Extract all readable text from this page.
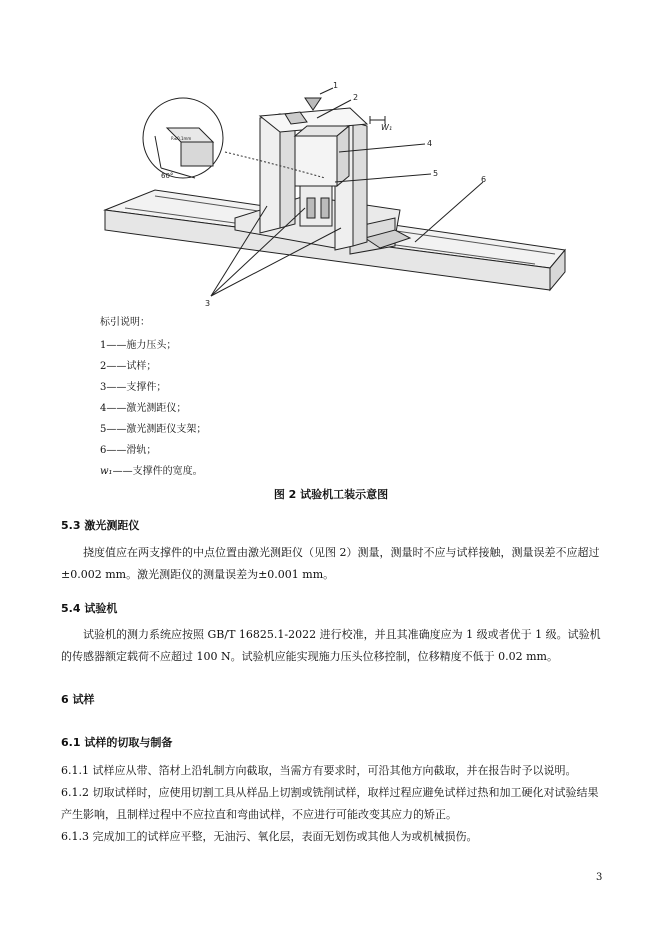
1
2
4
5
6
3
W₁
60°
R≤0.1mm
标引说明：
1——施力压头；
2——试样；
3——支撑件；
4——激光测距仪；
5——激光测距仪支架；
6——滑轨；
w₁——支撑件的宽度。
图 2 试验机工装示意图
5.3 激光测距仪

挠度值应在两支撑件的中点位置由激光测距仪（见图 2）测量，测量时不应与试样接触，测量误差不应超过±0.002 mm。激光测距仪的测量误差为±0.001 mm。

5.4 试验机

试验机的测力系统应按照 GB/T 16825.1-2022 进行校准，并且其准确度应为 1 级或者优于 1 级。试验机的传感器额定载荷不应超过 100 N。试验机应能实现施力压头位移控制，位移精度不低于 0.02 mm。

6 试样
6.1 试样的切取与制备

6.1.1 试样应从带、箔材上沿轧制方向截取，当需方有要求时，可沿其他方向截取，并在报告时予以说明。

6.1.2 切取试样时，应使用切割工具从样品上切割或铣削试样，取样过程应避免试样过热和加工硬化对试验结果产生影响，且制样过程中不应拉直和弯曲试样，不应进行可能改变其应力的矫正。

6.1.3 完成加工的试样应平整，无油污、氧化层，表面无划伤或其他人为或机械损伤。

3
